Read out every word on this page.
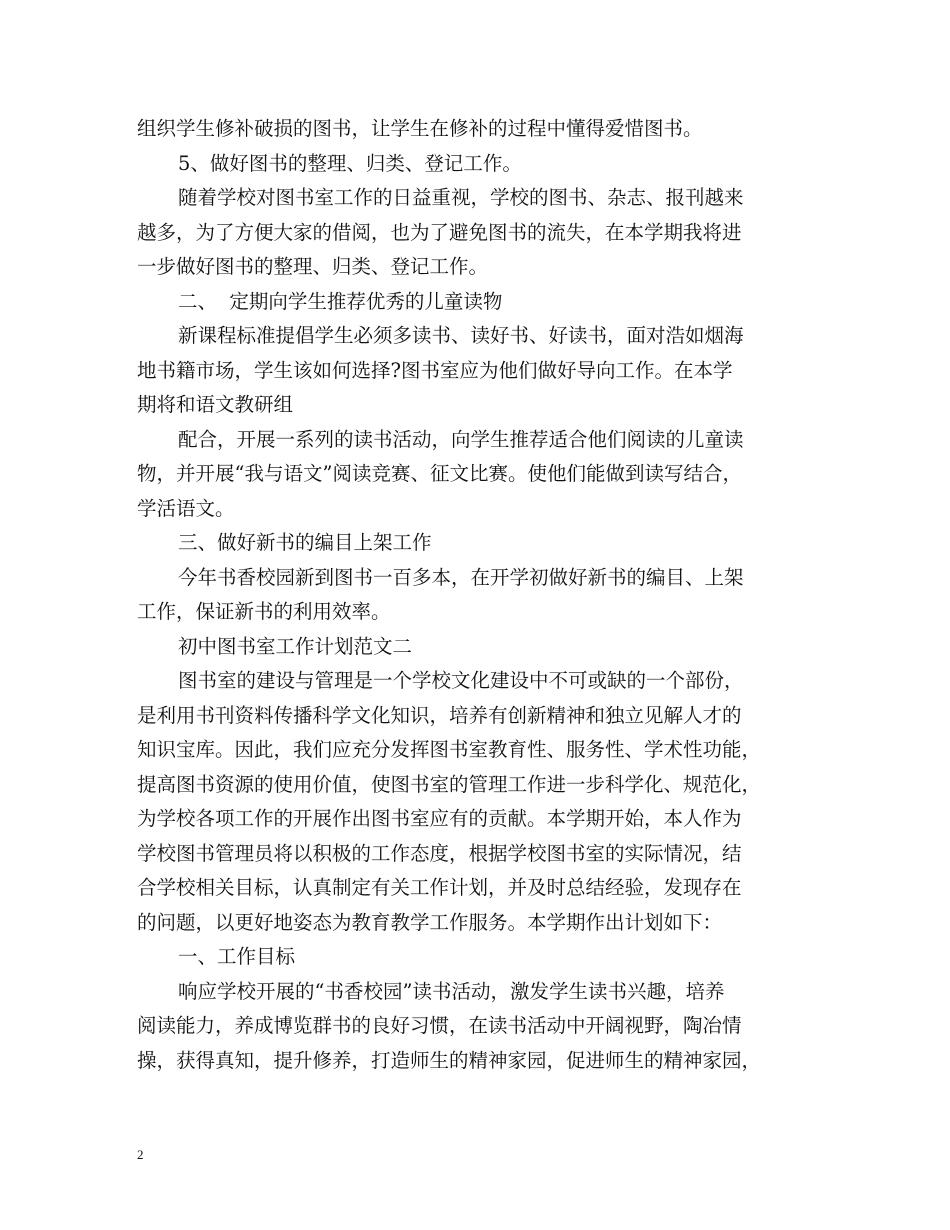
组织学生修补破损的图书，让学生在修补的过程中懂得爱惜图书。
5、做好图书的整理、归类、登记工作。
随着学校对图书室工作的日益重视，学校的图书、杂志、报刊越来
越多，为了方便大家的借阅，也为了避免图书的流失，在本学期我将进
一步做好图书的整理、归类、登记工作。
二、  定期向学生推荐优秀的儿童读物
新课程标准提倡学生必须多读书、读好书、好读书，面对浩如烟海
地书籍市场，学生该如何选择?图书室应为他们做好导向工作。在本学
期将和语文教研组
配合，开展一系列的读书活动，向学生推荐适合他们阅读的儿童读
物，并开展“我与语文”阅读竞赛、征文比赛。使他们能做到读写结合，
学活语文。
三、做好新书的编目上架工作
今年书香校园新到图书一百多本，在开学初做好新书的编目、上架
工作，保证新书的利用效率。
初中图书室工作计划范文二
图书室的建设与管理是一个学校文化建设中不可或缺的一个部份，
是利用书刊资料传播科学文化知识，培养有创新精神和独立见解人才的
知识宝库。因此，我们应充分发挥图书室教育性、服务性、学术性功能，
提高图书资源的使用价值，使图书室的管理工作进一步科学化、规范化，
为学校各项工作的开展作出图书室应有的贡献。本学期开始，本人作为
学校图书管理员将以积极的工作态度，根据学校图书室的实际情况，结
合学校相关目标，认真制定有关工作计划，并及时总结经验，发现存在
的问题，以更好地姿态为教育教学工作服务。本学期作出计划如下：
一、工作目标
响应学校开展的“书香校园”读书活动，激发学生读书兴趣，培养
阅读能力，养成博览群书的良好习惯，在读书活动中开阔视野，陶冶情
操，获得真知，提升修养，打造师生的精神家园，促进师生的精神家园，
2
